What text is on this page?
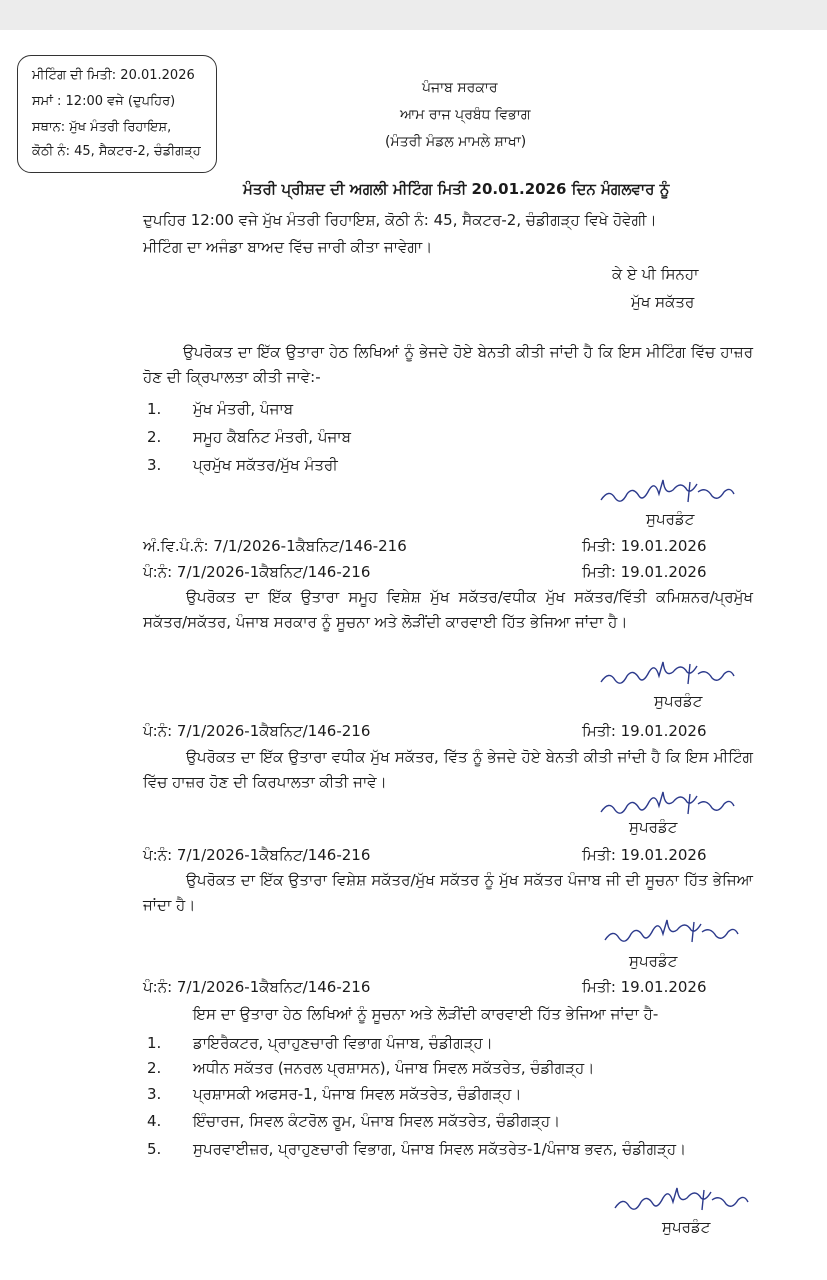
ਮੀਟਿੰਗ ਦੀ ਮਿਤੀ: 20.01.2026
ਸਮਾਂ : 12:00 ਵਜੇ (ਦੁਪਹਿਰ)
ਸਥਾਨ: ਮੁੱਖ ਮੰਤਰੀ ਰਿਹਾਇਸ਼,
ਕੋਠੀ ਨੰ: 45, ਸੈਕਟਰ-2, ਚੰਡੀਗੜ੍ਹ
ਪੰਜਾਬ ਸਰਕਾਰ
ਆਮ ਰਾਜ ਪ੍ਰਬੰਧ ਵਿਭਾਗ
(ਮੰਤਰੀ ਮੰਡਲ ਮਾਮਲੇ ਸ਼ਾਖਾ)
ਮੰਤਰੀ ਪ੍ਰੀਸ਼ਦ ਦੀ ਅਗਲੀ ਮੀਟਿੰਗ ਮਿਤੀ 20.01.2026 ਦਿਨ ਮੰਗਲਵਾਰ ਨੂੰ
ਦੁਪਹਿਰ 12:00 ਵਜੇ ਮੁੱਖ ਮੰਤਰੀ ਰਿਹਾਇਸ਼, ਕੋਠੀ ਨੰ: 45, ਸੈਕਟਰ-2, ਚੰਡੀਗੜ੍ਹ ਵਿਖੇ ਹੋਵੇਗੀ।
ਮੀਟਿੰਗ ਦਾ ਅਜੰਡਾ ਬਾਅਦ ਵਿੱਚ ਜਾਰੀ ਕੀਤਾ ਜਾਵੇਗਾ।
ਕੇ ਏ ਪੀ ਸਿਨਹਾ
ਮੁੱਖ ਸਕੱਤਰ
ਉਪਰੋਕਤ ਦਾ ਇੱਕ ਉਤਾਰਾ ਹੇਠ ਲਿਖਿਆਂ ਨੂੰ ਭੇਜਦੇ ਹੋਏ ਬੇਨਤੀ ਕੀਤੀ ਜਾਂਦੀ ਹੈ ਕਿ ਇਸ ਮੀਟਿੰਗ ਵਿੱਚ ਹਾਜ਼ਰ ਹੋਣ ਦੀ ਕ੍ਰਿਪਾਲਤਾ ਕੀਤੀ ਜਾਵੇ:-
1. ਮੁੱਖ ਮੰਤਰੀ, ਪੰਜਾਬ
2. ਸਮੂਹ ਕੈਬਨਿਟ ਮੰਤਰੀ, ਪੰਜਾਬ
3. ਪ੍ਰਮੁੱਖ ਸਕੱਤਰ/ਮੁੱਖ ਮੰਤਰੀ
ਸੁਪਰਡੰਟ
ਅੰ.ਵਿ.ਪੰ.ਨੰ: 7/1/2026-1ਕੈਬਨਿਟ/146-216	ਮਿਤੀ: 19.01.2026
ਪੰ:ਨੰ: 7/1/2026-1ਕੈਬਨਿਟ/146-216	ਮਿਤੀ: 19.01.2026
ਉਪਰੋਕਤ ਦਾ ਇੱਕ ਉਤਾਰਾ ਸਮੂਹ ਵਿਸ਼ੇਸ਼ ਮੁੱਖ ਸਕੱਤਰ/ਵਧੀਕ ਮੁੱਖ ਸਕੱਤਰ/ਵਿੱਤੀ ਕਮਿਸ਼ਨਰ/ਪ੍ਰਮੁੱਖ ਸਕੱਤਰ/ਸਕੱਤਰ, ਪੰਜਾਬ ਸਰਕਾਰ ਨੂੰ ਸੂਚਨਾ ਅਤੇ ਲੋੜੀਂਦੀ ਕਾਰਵਾਈ ਹਿੱਤ ਭੇਜਿਆ ਜਾਂਦਾ ਹੈ।
ਸੁਪਰਡੰਟ
ਪੰ:ਨੰ: 7/1/2026-1ਕੈਬਨਿਟ/146-216	ਮਿਤੀ: 19.01.2026
ਉਪਰੋਕਤ ਦਾ ਇੱਕ ਉਤਾਰਾ ਵਧੀਕ ਮੁੱਖ ਸਕੱਤਰ, ਵਿੱਤ ਨੂੰ ਭੇਜਦੇ ਹੋਏ ਬੇਨਤੀ ਕੀਤੀ ਜਾਂਦੀ ਹੈ ਕਿ ਇਸ ਮੀਟਿੰਗ ਵਿੱਚ ਹਾਜ਼ਰ ਹੋਣ ਦੀ ਕਿਰਪਾਲਤਾ ਕੀਤੀ ਜਾਵੇ।
ਸੁਪਰਡੰਟ
ਪੰ:ਨੰ: 7/1/2026-1ਕੈਬਨਿਟ/146-216	ਮਿਤੀ: 19.01.2026
ਉਪਰੋਕਤ ਦਾ ਇੱਕ ਉਤਾਰਾ ਵਿਸ਼ੇਸ਼ ਸਕੱਤਰ/ਮੁੱਖ ਸਕੱਤਰ ਨੂੰ ਮੁੱਖ ਸਕੱਤਰ ਪੰਜਾਬ ਜੀ ਦੀ ਸੂਚਨਾ ਹਿੱਤ ਭੇਜਿਆ ਜਾਂਦਾ ਹੈ।
ਸੁਪਰਡੰਟ
ਪੰ:ਨੰ: 7/1/2026-1ਕੈਬਨਿਟ/146-216	ਮਿਤੀ: 19.01.2026
ਇਸ ਦਾ ਉਤਾਰਾ ਹੇਠ ਲਿਖਿਆਂ ਨੂੰ ਸੂਚਨਾ ਅਤੇ ਲੋੜੀਂਦੀ ਕਾਰਵਾਈ ਹਿੱਤ ਭੇਜਿਆ ਜਾਂਦਾ ਹੈ-
1. ਡਾਇਰੈਕਟਰ, ਪ੍ਰਾਹੁਣਚਾਰੀ ਵਿਭਾਗ ਪੰਜਾਬ, ਚੰਡੀਗੜ੍ਹ।
2. ਅਧੀਨ ਸਕੱਤਰ (ਜਨਰਲ ਪ੍ਰਸ਼ਾਸਨ), ਪੰਜਾਬ ਸਿਵਲ ਸਕੱਤਰੇਤ, ਚੰਡੀਗੜ੍ਹ।
3. ਪ੍ਰਸ਼ਾਸਕੀ ਅਫਸਰ-1, ਪੰਜਾਬ ਸਿਵਲ ਸਕੱਤਰੇਤ, ਚੰਡੀਗੜ੍ਹ।
4. ਇੰਚਾਰਜ, ਸਿਵਲ ਕੰਟਰੋਲ ਰੂਮ, ਪੰਜਾਬ ਸਿਵਲ ਸਕੱਤਰੇਤ, ਚੰਡੀਗੜ੍ਹ।
5. ਸੁਪਰਵਾਈਜ਼ਰ, ਪ੍ਰਾਹੁਣਚਾਰੀ ਵਿਭਾਗ, ਪੰਜਾਬ ਸਿਵਲ ਸਕੱਤਰੇਤ-1/ਪੰਜਾਬ ਭਵਨ, ਚੰਡੀਗੜ੍ਹ।
ਸੁਪਰਡੰਟ
